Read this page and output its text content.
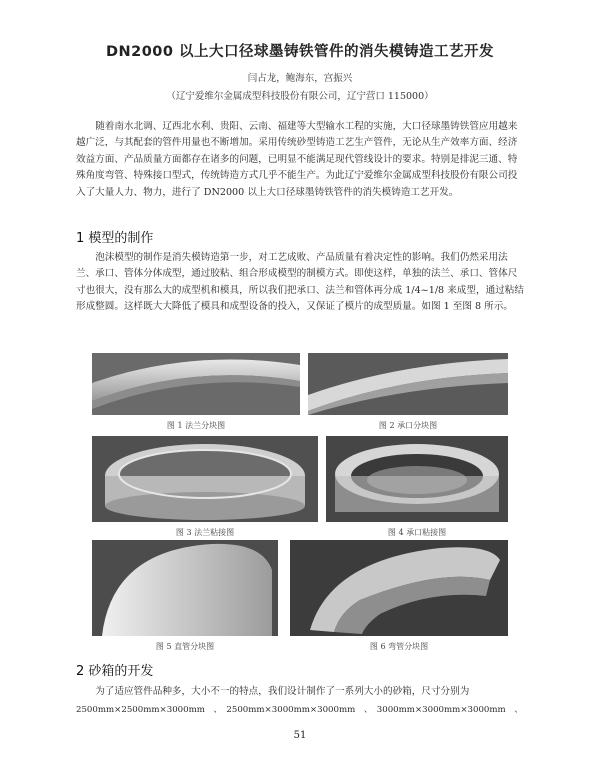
DN2000 以上大口径球墨铸铁管件的消失模铸造工艺开发
闫占龙，鲍海东，宫振兴
（辽宁爱维尔金属成型科技股份有限公司，辽宁营口 115000）
随着南水北调、辽西北水利、贵阳、云南、福建等大型输水工程的实施，大口径球墨铸铁管应用越来越广泛，与其配套的管件用量也不断增加。采用传统砂型铸造工艺生产管件，无论从生产效率方面、经济效益方面、产品质量方面都存在诸多的问题，已明显不能满足现代管线设计的要求。特别是排泥三通、特殊角度弯管、特殊接口型式，传统铸造方式几乎不能生产。为此辽宁爱维尔金属成型科技股份有限公司投入了大量人力、物力，进行了 DN2000 以上大口径球墨铸铁管件的消失模铸造工艺开发。
1 模型的制作
泡沫模型的制作是消失模铸造第一步，对工艺成败、产品质量有着决定性的影响。我们仍然采用法兰、承口、管体分体成型，通过胶粘、组合形成模型的制模方式。即使这样，单独的法兰、承口、管体尺寸也很大，没有那么大的成型机和模具，所以我们把承口、法兰和管体再分成 1/4~1/8 来成型，通过粘结形成整圆。这样既大大降低了模具和成型设备的投入，又保证了模片的成型质量。如图 1 至图 8 所示。
图 1 法兰分块图	图 2 承口分块图
图 3 法兰粘接图	图 4 承口粘接图
图 5 直管分块图	图 6 弯管分块图
2 砂箱的开发
为了适应管件品种多，大小不一的特点，我们设计制作了一系列大小的砂箱，尺寸分别为
2500mm×2500mm×3000mm　、　2500mm×3000mm×3000mm　、　3000mm×3000mm×3000mm　、
51
